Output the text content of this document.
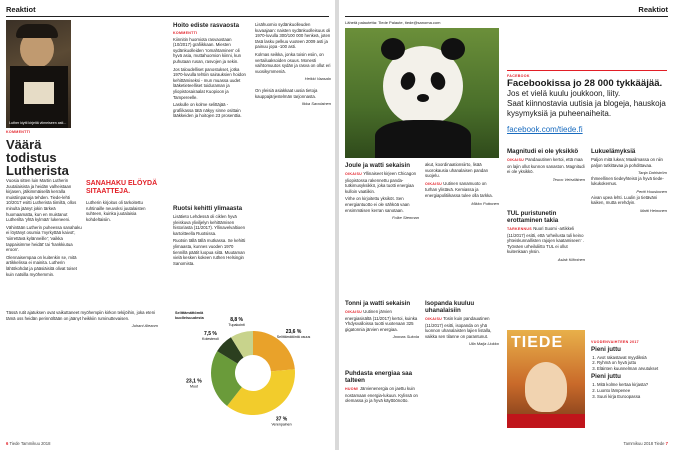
Reaktiot
Luther kiytti kirjeitä viimeiseen asti...
KOMMENTTI
Väärä todistus Lutherista

Vuosia sitten luin Martin Lutherin Juutalaisista ja heidän valheistaan kirjasen, jälkimmäisellä kerralla muistiinpanoja tehden. Tiede-lehti 10/2017 esitti Lutherista tiimiltä, ollos minulta jäänyt jokin tärkeä huomaamatta, kun en muistanut Lutherilta 'yhtä kylmää' lukeneeni.

Vähintään Lutherin puheessa sanahaku ei löytänyt osumia 'myrkyttää kaivot', 'siirrettävä kylänneille'; 'vaikka tappaisimme heidät' tai 'hankkiutua eroon'.

Olennaisempaa on kuitenkin se, mitä artikkelissa ei mainita. Lutherin lähtökohdat ja pääsiäisitä olivat toiset kuin natsilla myöhemmin.

SANAHAKU ELÖYDÄ SITAATTEJA.

Lutherin kirjoitus oli tarkoitettu ruhtinaille neuvoksi juutalaisten suhteen, kuinka juutalaisia kohdeltaisiin.

Tässä rutit ajatuksen ovat vaikuttaneet myöhempiin kirkon tekijöihin, joka eteni tämä oss heidän perinnöltään on jäänyt heikkiin ruminuttevaisen.

Juhani Aleaom
Hoito ediste rasvaosta
KOMMENTTI

Kiinnitin huomiota rasvaostaan (10/2017) grafiikkaan. Miesten sydänkuolleiden 'romahtaminen' oli hyvä asia, muttahuomion kiinni, kun puhutaan rusan, rasvojen ja sekin.

Jos taloudelliset panostukset, jotka 1970-luvulla tehtiin sairauksien hoidon kehittämiseksi - mun muassa uudet lääketieteelliset toiduraman ja yliopistosairaalat Kuopioon ja Tampereelle.

Laskulle on kolme selittäjää - grafiikassa tätä näkyy sinne osittain lääkkeiden ja hoitojen 23 prosenttia.

Ruotsi kehitti ylimaasta

Lisätieto Lehdessä oli ciklen hyvä yleiskuva yliviljelyn kehittämisen historiasta (11/2017). Yllinavelvaltioen kartoitteella Ruotsissa.

Ruotsin tällä tällä mutkassa. Se kehitti ylimaasta, kunnes vuoden 1970 tiennillä päätit luopua siitä. Muutaman vielä kesken kokeen ruthen Helsingin Sanomista.

Lisähuomio sydänkuolleuden kuvaajaan: naisten sydänkuolleisuus oli 1970-luvulla 300/100 000 henkeä, joten täsä lasku pelkuu vuoteen 2009 asti ja painuu jopa -100 asti.

Kolmas seikka, jonka toisin esiin, on vertailuaksoiden osuus. Monesti vaihtomuutos sydän ja rasva on ollut eri vuosikymmeniä.

Heikki Vaasalo

On yleisiä asiakkaat uusia tietoja kauppajärjestelmän tarjonnasta.

Ilkka Savolainen
Selittämättömiä kuolleisuudesta
23,6 %
Selittämätöntä osuus
37 %
Verenpainen
23,1 %
Muut
7,5 %
Kolesteroli
8,8 %
Tupakointi
6 Tiede Tammikuu 2018
Reaktiot
Lähetä palautetta: Tiede Palaute, tiede@sanoma.com
Joule ja watti sekaisin

OIKAISU Yllinaiseet kirjeen Chicagon yliopistossa rakennettu panda-tutkimusyksikkö, joka tuotti energiaa kulloin vaatiikin.

Virhe on kirjoitettu yksiköt. Sen energiantuotto ei ole sähköä vaan ensimmäisen kerran sanotaan.

Folke Stenman
Tonni ja watti sekaisin

OIKAISU Uutinen järvien energiasisältä (11/2017) kertoi, kuinka Yhdysvalloissa tuotti vuotenaan 325 gigatonnia järvien energiaa.

Joonas Sukola
Puhdasta energiaa saa talteen

HUOM! Järvienenergia on jaettu kuin nostamaan energia-lukuun. Kylissä on olemassa jo ja hyvä käyttöönotto.

akut, koordinaationsiirto, lisää vuorokausia uhanalaisen pandan suojelu.

OIKAISU Uutinen sanamuoto on turhan ylistävä. Kemiassa ja energiapolitiikassa tulee olla tarkka.

Mikko Puttonen
Isopanda kuuluu uhanalaisiin

OIKAISU Tosin kuin pandauutinen (11/2017) esitti, isopanda on yhä luonnon uhanalaisten lajien listalla, vaikka sen tilanne on parantunut.

Ulla Maija Liukko
FACEBOOK

Facebookissa jo 28 000 tykkääjää.

Jos et vielä kuulu joukkoon, liity.

Saat kiinnostavia uutisia ja blogeja, hauskoja kysymyksiä ja puheenaiheita.

facebook.com/tiede.fi
Magnitudi ei ole yksikkö

OIKAISU Pandauutinen kertoi, että maa on lajin ollut kunnon sanaston. Magnitudi ei ole yksikkö.

Teuvo Vehviläinen
TUL puristunetin erottaminen takia

TARKENNUS Nuori Suomi -artikkeli (11/2017) esitti, että 'urheilusta tuli keino yhteiskunnallisten rajojen kaatamiseen' . Työväen urheiluliitto TUL ei ollut kuitenkaan yksin.

Aslak Kiliminen
TIEDE
Lukuelämyksiä

Paljon mitä lukea; Maailmassa on niin paljon tutkittavaa ja pohdittavaa.

Tanja Dahlström

Ihmeellinen tiedeyhteisö ja hyvä tiede-lukukokemus.

Pertti Huuskonen

Aivan upea lehti. Luulin jo tietäväni kaiken, mutta erehdyin.

Matti Heinonen
VUODENVAIHTEEN 2017
Pieni juttu
1. Avot rakastavat myydiksiä
2. Ryhmä on hyvä juttu
3. Eläinten kuunnelman arvutukset
Pieni juttu
1. Mitä kolme kertaa kirjasta?
2. Luonto lämpenee
3. Suuri kirja Euroopassa
Tammikuu 2018 Tiede 7
